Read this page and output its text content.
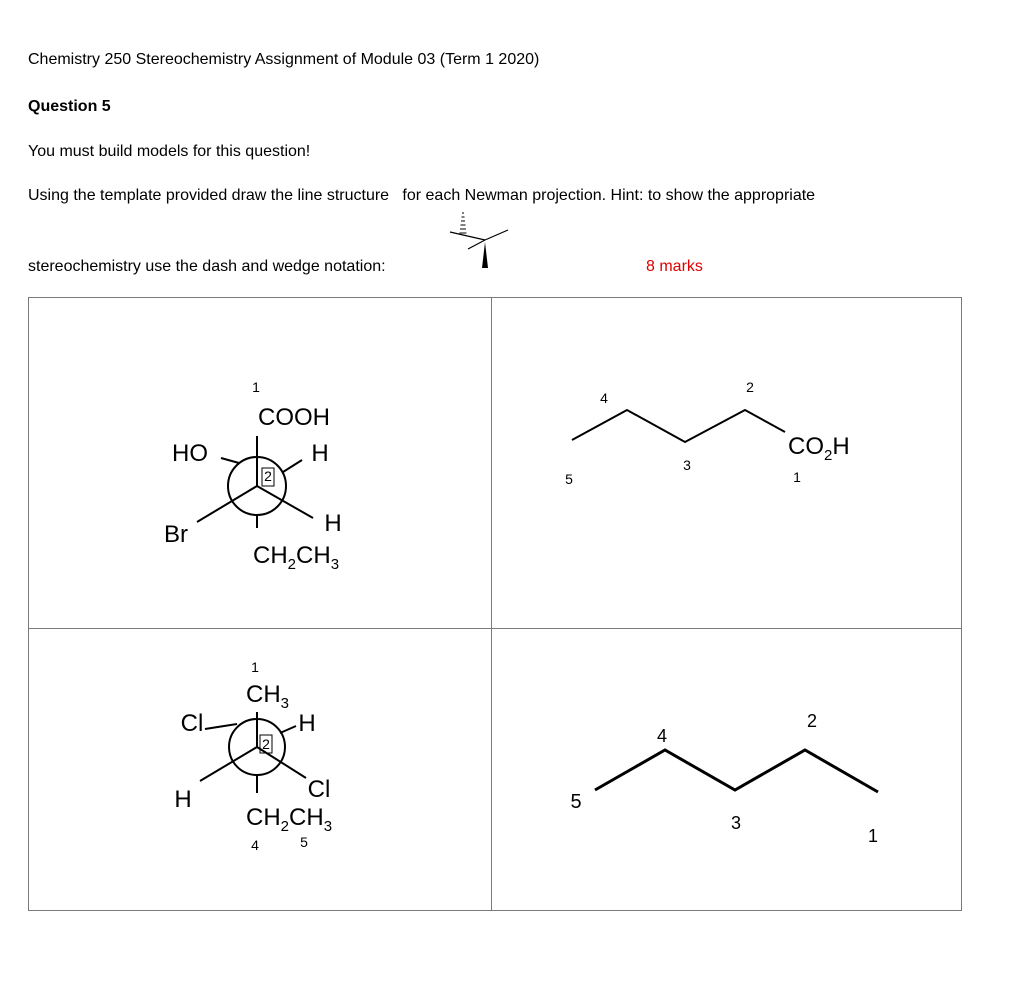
Chemistry 250 Stereochemistry Assignment of Module 03 (Term 1 2020)
Question 5
You must build models for this question!
Using the template provided draw the line structure   for each Newman projection. Hint: to show the appropriate
stereochemistry use the dash and wedge notation:	8 marks
1
COOH
H
HO
2
Br	H
$CH_2CH_3$
5
4
3
2
1
$CO_2H$
1
$CH_3$
H
Cl
2
H	Cl
$CH_2CH_3$
4	5
5
4
3
2
1
